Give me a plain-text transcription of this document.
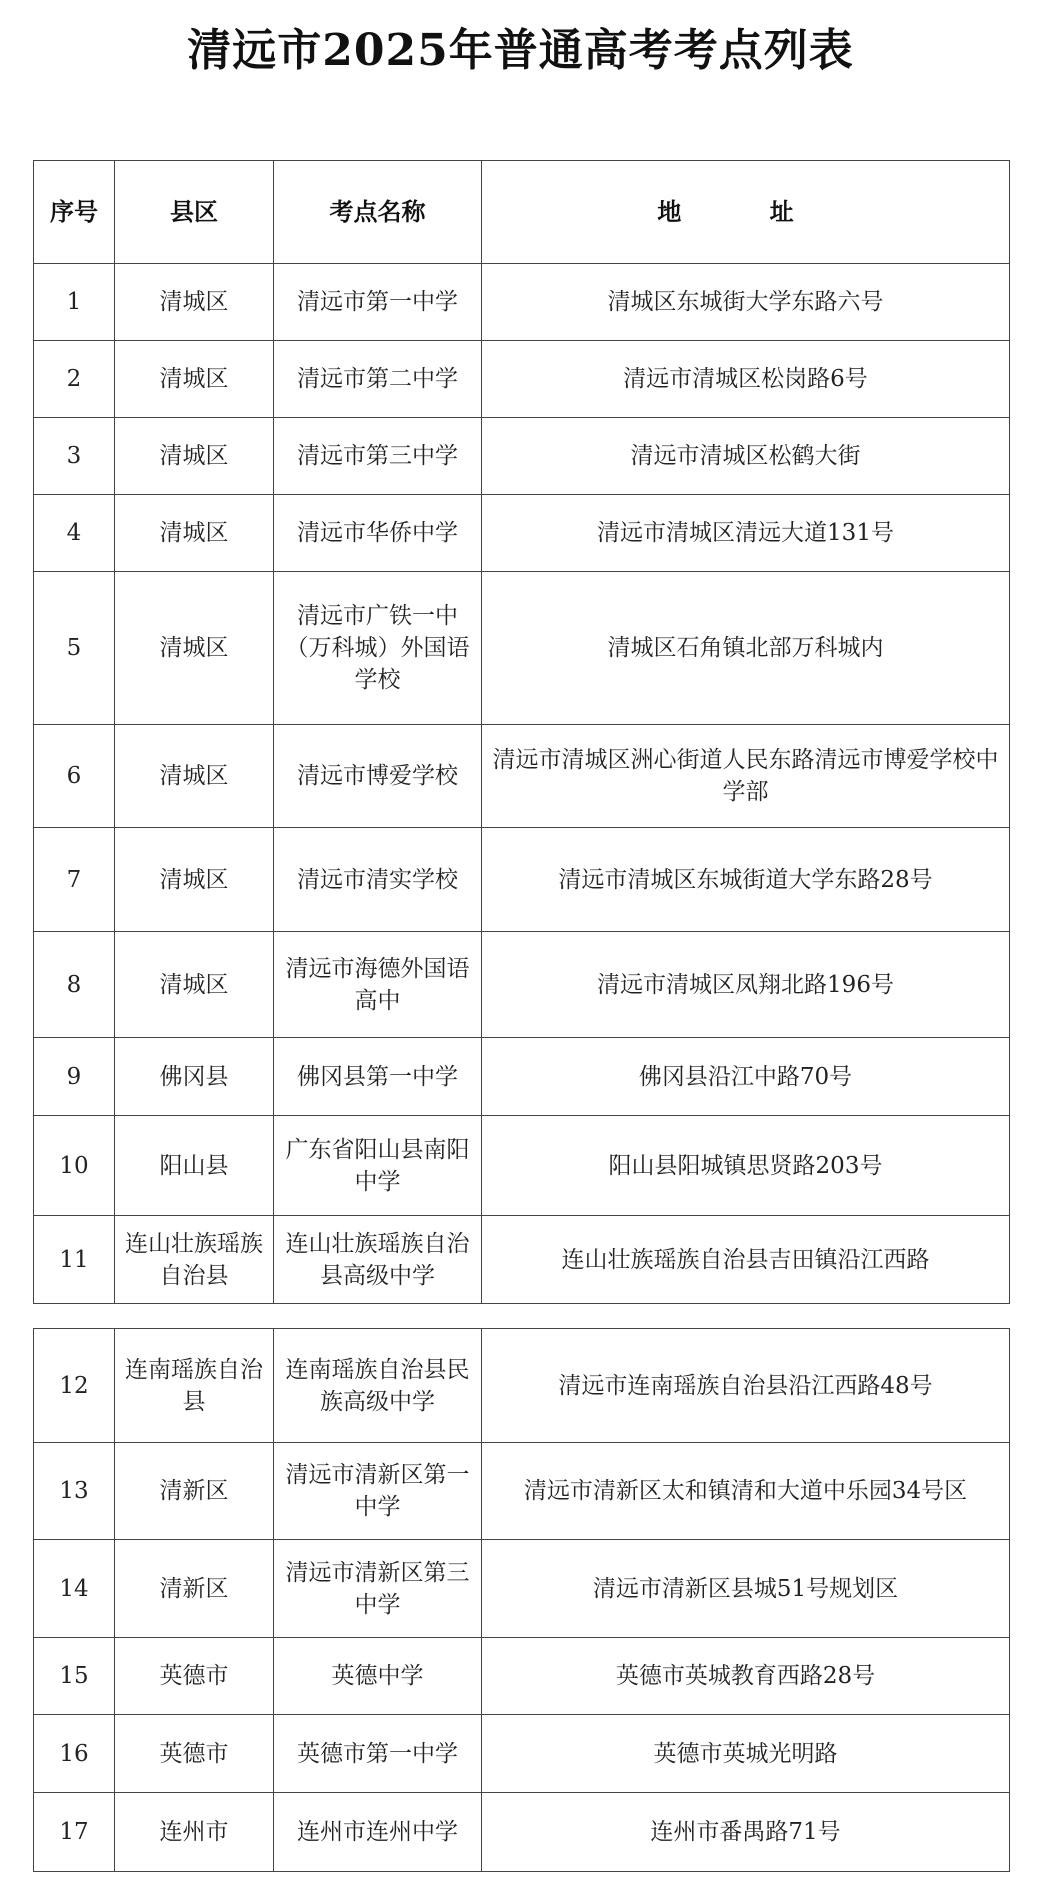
清远市2025年普通高考考点列表
序号	县区	考点名称	地 址
1	清城区	清远市第一中学	清城区东城街大学东路六号
2	清城区	清远市第二中学	清远市清城区松岗路6号
3	清城区	清远市第三中学	清远市清城区松鹤大街
4	清城区	清远市华侨中学	清远市清城区清远大道131号
5	清城区	清远市广铁一中（万科城）外国语学校	清城区石角镇北部万科城内
6	清城区	清远市博爱学校	清远市清城区洲心街道人民东路清远市博爱学校中学部
7	清城区	清远市清实学校	清远市清城区东城街道大学东路28号
8	清城区	清远市海德外国语高中	清远市清城区凤翔北路196号
9	佛冈县	佛冈县第一中学	佛冈县沿江中路70号
10	阳山县	广东省阳山县南阳中学	阳山县阳城镇思贤路203号
11	连山壮族瑶族自治县	连山壮族瑶族自治县高级中学	连山壮族瑶族自治县吉田镇沿江西路
12	连南瑶族自治县	连南瑶族自治县民族高级中学	清远市连南瑶族自治县沿江西路48号
13	清新区	清远市清新区第一中学	清远市清新区太和镇清和大道中乐园34号区
14	清新区	清远市清新区第三中学	清远市清新区县城51号规划区
15	英德市	英德中学	英德市英城教育西路28号
16	英德市	英德市第一中学	英德市英城光明路
17	连州市	连州市连州中学	连州市番禺路71号
